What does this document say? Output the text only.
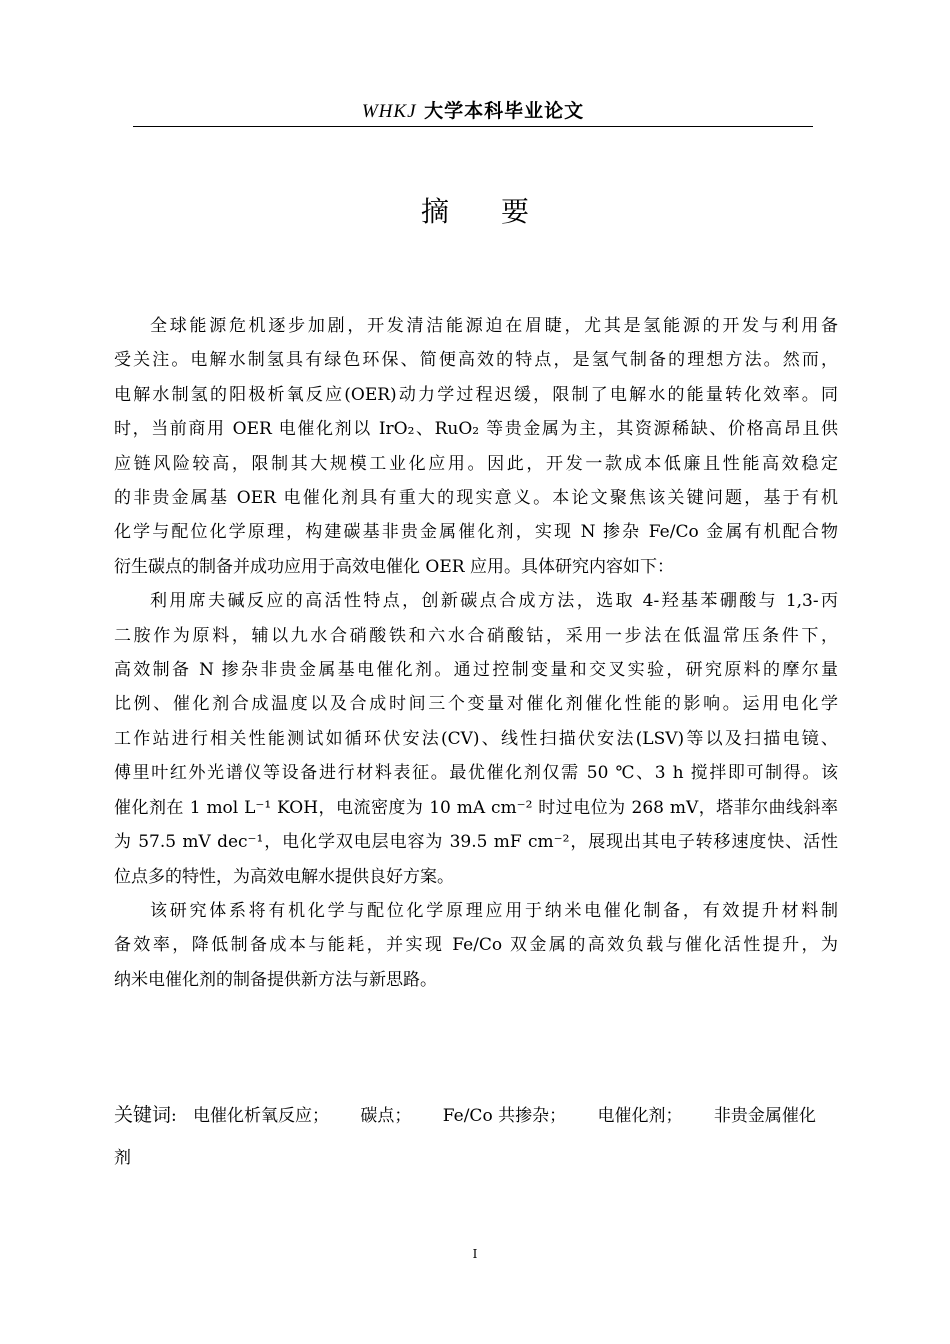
WHKJ 大学本科毕业论文
摘要

全球能源危机逐步加剧，开发清洁能源迫在眉睫，尤其是氢能源的开发与利用备
受关注。电解水制氢具有绿色环保、简便高效的特点，是氢气制备的理想方法。然而，
电解水制氢的阳极析氧反应(OER)动力学过程迟缓，限制了电解水的能量转化效率。同
时，当前商用 OER 电催化剂以 IrO₂、RuO₂ 等贵金属为主，其资源稀缺、价格高昂且供
应链风险较高，限制其大规模工业化应用。因此，开发一款成本低廉且性能高效稳定
的非贵金属基 OER 电催化剂具有重大的现实意义。本论文聚焦该关键问题，基于有机
化学与配位化学原理，构建碳基非贵金属催化剂，实现 N 掺杂 Fe/Co 金属有机配合物
衍生碳点的制备并成功应用于高效电催化 OER 应用。具体研究内容如下：

利用席夫碱反应的高活性特点，创新碳点合成方法，选取 4-羟基苯硼酸与 1,3-丙
二胺作为原料，辅以九水合硝酸铁和六水合硝酸钴，采用一步法在低温常压条件下，
高效制备 N 掺杂非贵金属基电催化剂。通过控制变量和交叉实验，研究原料的摩尔量
比例、催化剂合成温度以及合成时间三个变量对催化剂催化性能的影响。运用电化学
工作站进行相关性能测试如循环伏安法(CV)、线性扫描伏安法(LSV)等以及扫描电镜、
傅里叶红外光谱仪等设备进行材料表征。最优催化剂仅需 50 ℃、3 h 搅拌即可制得。该
催化剂在 1 mol L⁻¹ KOH，电流密度为 10 mA cm⁻² 时过电位为 268 mV，塔菲尔曲线斜率
为 57.5 mV dec⁻¹，电化学双电层电容为 39.5 mF cm⁻²，展现出其电子转移速度快、活性
位点多的特性，为高效电解水提供良好方案。

该研究体系将有机化学与配位化学原理应用于纳米电催化制备，有效提升材料制
备效率，降低制备成本与能耗，并实现 Fe/Co 双金属的高效负载与催化活性提升，为
纳米电催化剂的制备提供新方法与新思路。

关键词: 电催化析氧反应； 碳点； Fe/Co 共掺杂； 电催化剂； 非贵金属催化
剂
I
